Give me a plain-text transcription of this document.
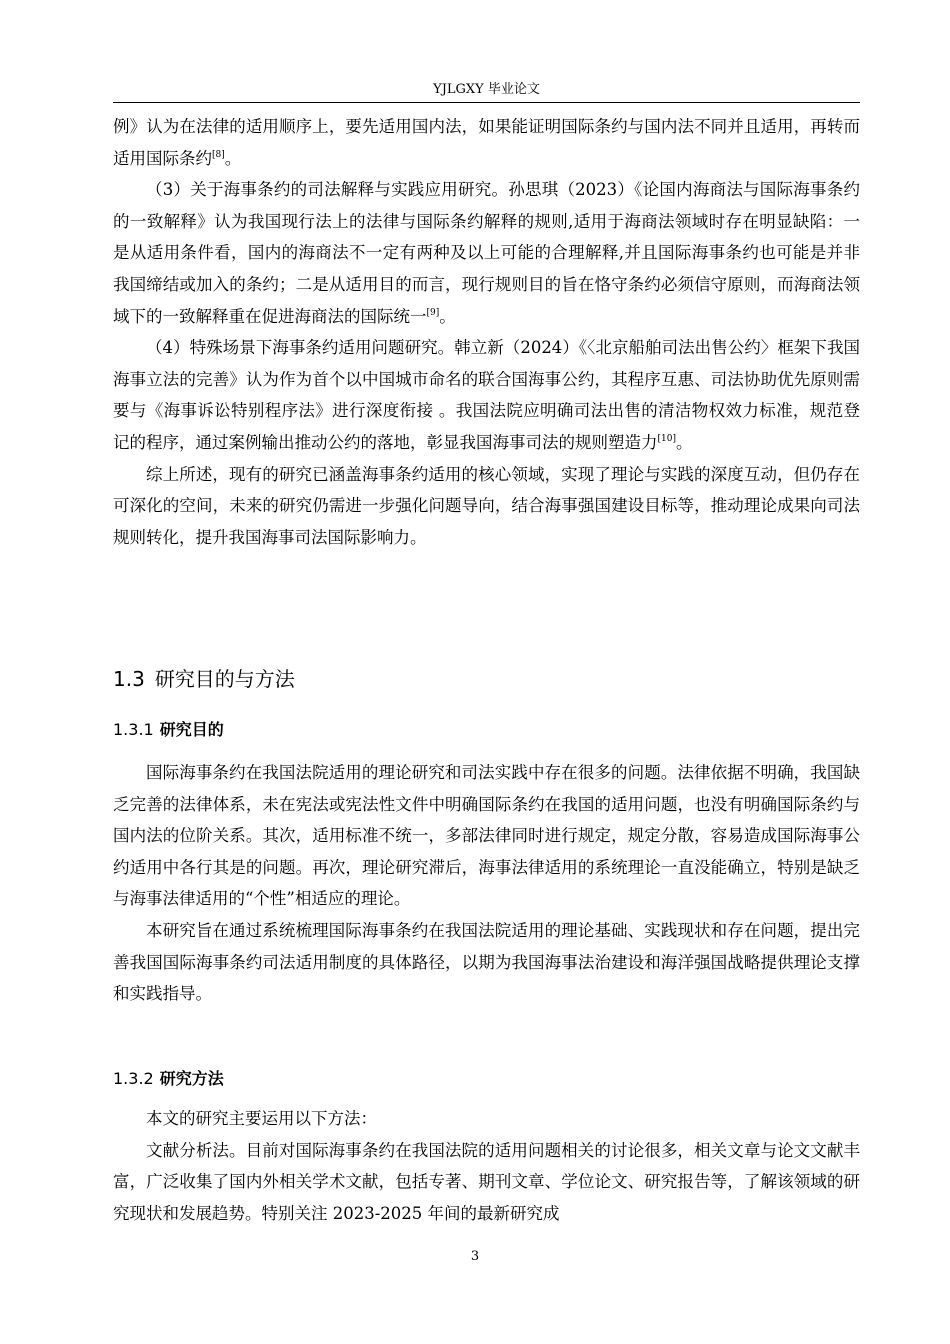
YJLGXY 毕业论文

例》认为在法律的适用顺序上，要先适用国内法，如果能证明国际条约与国内法不同并且适用，再转而适用国际条约[8]。

（3）关于海事条约的司法解释与实践应用研究。孙思琪（2023）《论国内海商法与国际海事条约的一致解释》认为我国现行法上的法律与国际条约解释的规则,适用于海商法领域时存在明显缺陷：一是从适用条件看，国内的海商法不一定有两种及以上可能的合理解释,并且国际海事条约也可能是并非我国缔结或加入的条约；二是从适用目的而言，现行规则目的旨在恪守条约必须信守原则，而海商法领域下的一致解释重在促进海商法的国际统一[9]。

（4）特殊场景下海事条约适用问题研究。韩立新（2024）《〈北京船舶司法出售公约〉框架下我国海事立法的完善》认为作为首个以中国城市命名的联合国海事公约，其程序互惠、司法协助优先原则需要与《海事诉讼特别程序法》进行深度衔接 。我国法院应明确司法出售的清洁物权效力标准，规范登记的程序，通过案例输出推动公约的落地，彰显我国海事司法的规则塑造力[10]。

综上所述，现有的研究已涵盖海事条约适用的核心领域，实现了理论与实践的深度互动，但仍存在可深化的空间，未来的研究仍需进一步强化问题导向，结合海事强国建设目标等，推动理论成果向司法规则转化，提升我国海事司法国际影响力。

1.3 研究目的与方法
1.3.1 研究目的

国际海事条约在我国法院适用的理论研究和司法实践中存在很多的问题。法律依据不明确，我国缺乏完善的法律体系，未在宪法或宪法性文件中明确国际条约在我国的适用问题，也没有明确国际条约与国内法的位阶关系。其次，适用标准不统一，多部法律同时进行规定，规定分散，容易造成国际海事公约适用中各行其是的问题。再次，理论研究滞后，海事法律适用的系统理论一直没能确立，特别是缺乏与海事法律适用的“个性”相适应的理论。

本研究旨在通过系统梳理国际海事条约在我国法院适用的理论基础、实践现状和存在问题，提出完善我国国际海事条约司法适用制度的具体路径，以期为我国海事法治建设和海洋强国战略提供理论支撑和实践指导。

1.3.2 研究方法

本文的研究主要运用以下方法：

文献分析法。目前对国际海事条约在我国法院的适用问题相关的讨论很多，相关文章与论文文献丰富，广泛收集了国内外相关学术文献，包括专著、期刊文章、学位论文、研究报告等，了解该领域的研究现状和发展趋势。特别关注 2023-2025 年间的最新研究成

3
